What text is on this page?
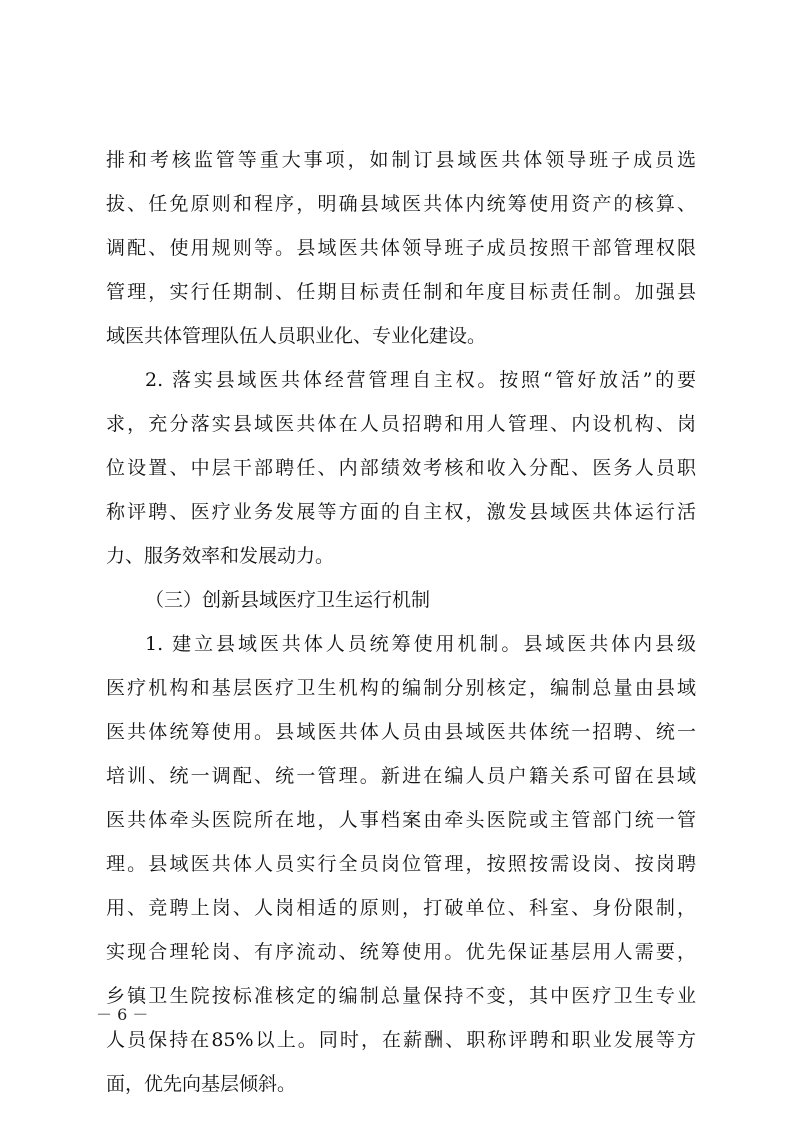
排和考核监管等重大事项，如制订县域医共体领导班子成员选
拔、任免原则和程序，明确县域医共体内统筹使用资产的核算、
调配、使用规则等。县域医共体领导班子成员按照干部管理权限
管理，实行任期制、任期目标责任制和年度目标责任制。加强县
域医共体管理队伍人员职业化、专业化建设。
2. 落实县域医共体经营管理自主权。按照“管好放活”的要
求，充分落实县域医共体在人员招聘和用人管理、内设机构、岗
位设置、中层干部聘任、内部绩效考核和收入分配、医务人员职
称评聘、医疗业务发展等方面的自主权，激发县域医共体运行活
力、服务效率和发展动力。
（三）创新县域医疗卫生运行机制
1. 建立县域医共体人员统筹使用机制。县域医共体内县级
医疗机构和基层医疗卫生机构的编制分别核定，编制总量由县域
医共体统筹使用。县域医共体人员由县域医共体统一招聘、统一
培训、统一调配、统一管理。新进在编人员户籍关系可留在县域
医共体牵头医院所在地，人事档案由牵头医院或主管部门统一管
理。县域医共体人员实行全员岗位管理，按照按需设岗、按岗聘
用、竞聘上岗、人岗相适的原则，打破单位、科室、身份限制，
实现合理轮岗、有序流动、统筹使用。优先保证基层用人需要，
乡镇卫生院按标准核定的编制总量保持不变，其中医疗卫生专业
人员保持在85%以上。同时，在薪酬、职称评聘和职业发展等方
面，优先向基层倾斜。
－ 6 －
